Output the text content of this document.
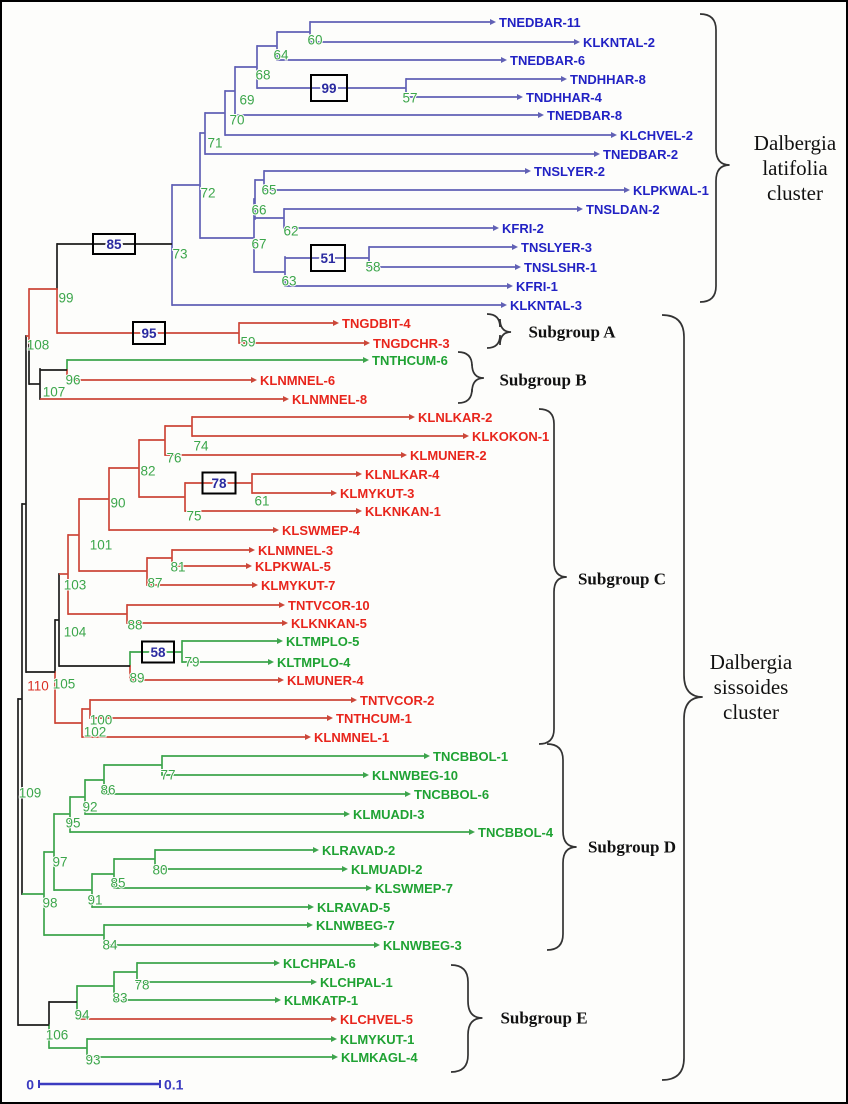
TNEDBAR-11
KLKNTAL-2
TNEDBAR-6
TNDHHAR-8
TNDHHAR-4
TNEDBAR-8
KLCHVEL-2
TNEDBAR-2
TNSLYER-2
KLPKWAL-1
TNSLDAN-2
KFRI-2
TNSLYER-3
TNSLSHR-1
KFRI-1
KLKNTAL-3
TNGDBIT-4
TNGDCHR-3
TNTHCUM-6
KLNMNEL-6
KLNMNEL-8
KLNLKAR-2
KLKOKON-1
KLMUNER-2
KLNLKAR-4
KLMYKUT-3
KLKNKAN-1
KLSWMEP-4
KLNMNEL-3
KLPKWAL-5
KLMYKUT-7
TNTVCOR-10
KLKNKAN-5
KLTMPLO-5
KLTMPLO-4
KLMUNER-4
TNTVCOR-2
TNTHCUM-1
KLNMNEL-1
TNCBBOL-1
KLNWBEG-10
TNCBBOL-6
KLMUADI-3
TNCBBOL-4
KLRAVAD-2
KLMUADI-2
KLSWMEP-7
KLRAVAD-5
KLNWBEG-7
KLNWBEG-3
KLCHPAL-6
KLCHPAL-1
KLMKATP-1
KLCHVEL-5
KLMYKUT-1
KLMKAGL-4
60
64
68
57
69
70
71
72
73
65
66
62
67
58
63
99
59
108
96
107
74
76
82
61
75
90
101
81
87
103
88
104
79
89
105
110
100
102
109
77
86
92
95
97
80
85
91
98
84
78
83
94
106
93
99
51
85
95
78
58
Dalbergia
latifolia
cluster
Dalbergia
sissoides
cluster
Subgroup A
Subgroup B
Subgroup C
Subgroup D
Subgroup E
0	0.1
